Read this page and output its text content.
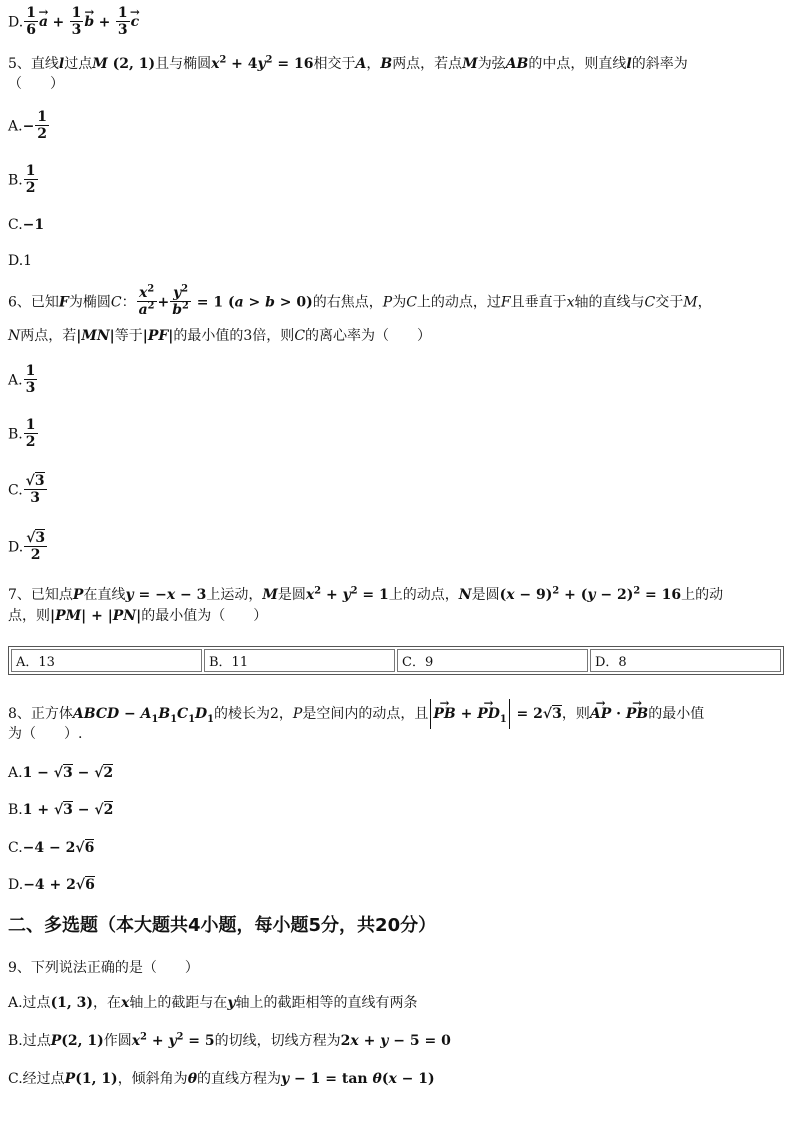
D. $\frac{1}{6}$
→ $a + \frac{1}{3}$
→ $b + \frac{1}{3}$
→ c
5、直线l过点M (2, 1)且与椭圆$x^2 + 4y^2 = 16$相交于A，B两点，若点M为弦AB的中点，则直线l的斜率为
（　　）
$A.- \frac{1}{2}$
B. $\frac{1}{2}$
C.−1
D.1
6、已知F为椭圆C： $\frac{x^2}{a^2} + \frac{y^2}{b^2} = 1$ (a > b > 0)的右焦点，P为C上的动点，过F且垂直于x轴的直线与C交于M，
N两点，若|MN|等于|PF|的最小值的3倍，则C的离心率为（　　）
A. $\frac{1}{3}$
B. $\frac{1}{2}$
C. $\frac{√3}{3}$
D. $\frac{√3}{2}$
7、已知点P在直线y = −x − 3上运动，M是圆$x^2 + y^2 = 1$上的动点，N是圆$(x - 9)^2 + (y - 2)^2 = 16$上的动
点，则|PM| + |PN|的最小值为（　　）
A．13	B．11	C．9	D．8
8、正方体ABCD − $A_1B_1C_1D_1$的棱长为2，P是空间内的动点，且→ PB + → $PD_1 = 2√3$，则→ AP · → PB的最小值
为（　　）.
A.1 − √3 − √2
B.1 + √3 − √2
C.−4 − 2√6
D.−4 + 2√6
二、多选题（本大题共4小题，每小题5分，共20分）
9、下列说法正确的是（　　）
A.过点(1, 3)，在x轴上的截距与在y轴上的截距相等的直线有两条
B.过点P(2, 1)作圆$x^2 + y^2 = 5$的切线，切线方程为2x + y − 5 = 0
C.经过点P(1, 1)，倾斜角为θ的直线方程为y − 1 = tan θ(x − 1)
